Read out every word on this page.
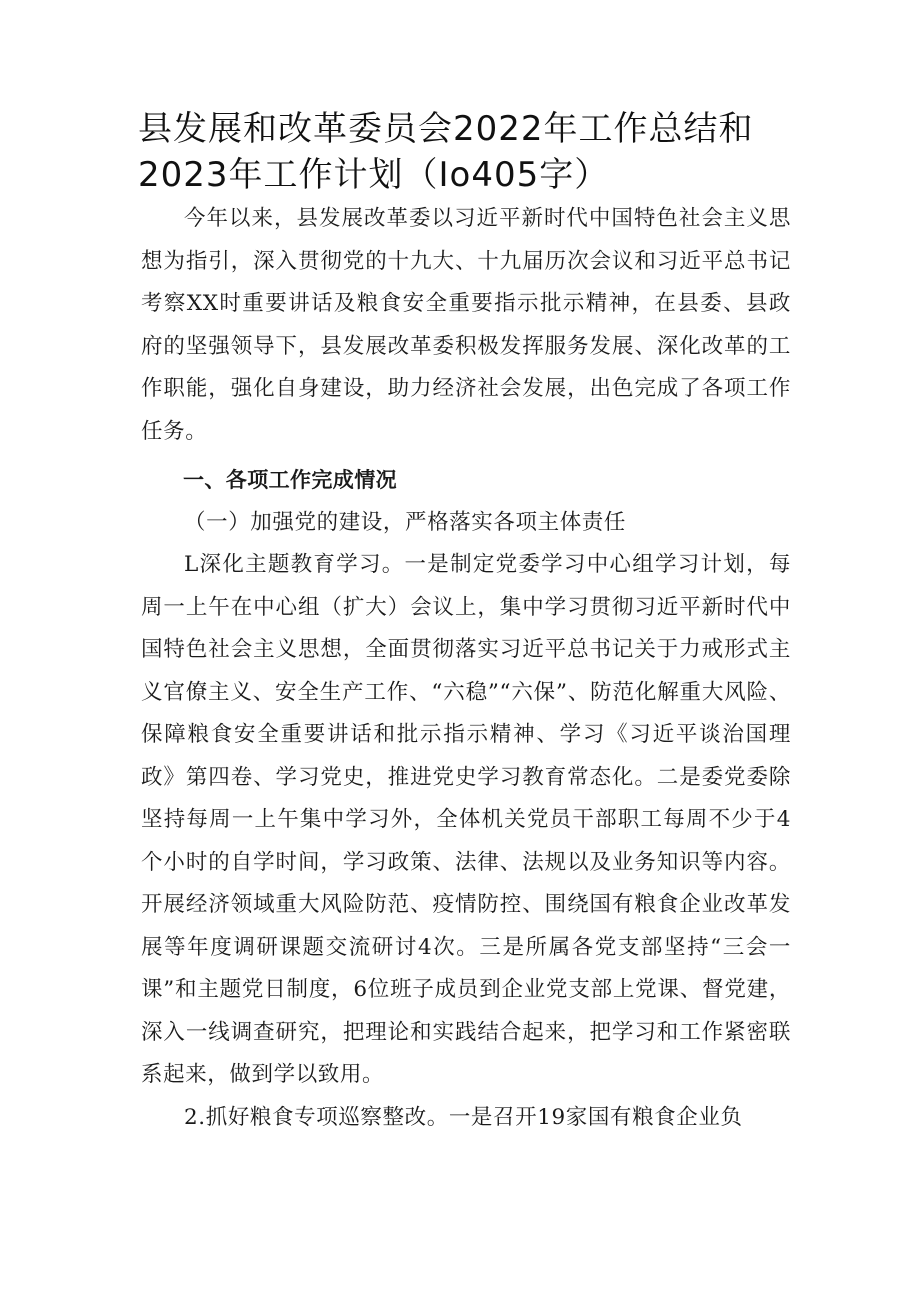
县发展和改革委员会2022年工作总结和
2023年工作计划（Io405字）

今年以来，县发展改革委以习近平新时代中国特色社会主义思想为指引，深入贯彻党的十九大、十九届历次会议和习近平总书记考察XX时重要讲话及粮食安全重要指示批示精神，在县委、县政府的坚强领导下，县发展改革委积极发挥服务发展、深化改革的工作职能，强化自身建设，助力经济社会发展，出色完成了各项工作任务。

一、各项工作完成情况

（一）加强党的建设，严格落实各项主体责任

L深化主题教育学习。一是制定党委学习中心组学习计划，每周一上午在中心组（扩大）会议上，集中学习贯彻习近平新时代中国特色社会主义思想，全面贯彻落实习近平总书记关于力戒形式主义官僚主义、安全生产工作、“六稳”“六保”、防范化解重大风险、保障粮食安全重要讲话和批示指示精神、学习《习近平谈治国理政》第四卷、学习党史，推进党史学习教育常态化。二是委党委除坚持每周一上午集中学习外，全体机关党员干部职工每周不少于4个小时的自学时间，学习政策、法律、法规以及业务知识等内容。开展经济领域重大风险防范、疫情防控、围绕国有粮食企业改革发展等年度调研课题交流研讨4次。三是所属各党支部坚持“三会一课”和主题党日制度，6位班子成员到企业党支部上党课、督党建，深入一线调查研究，把理论和实践结合起来，把学习和工作紧密联系起来，做到学以致用。

2.抓好粮食专项巡察整改。一是召开19家国有粮食企业负
